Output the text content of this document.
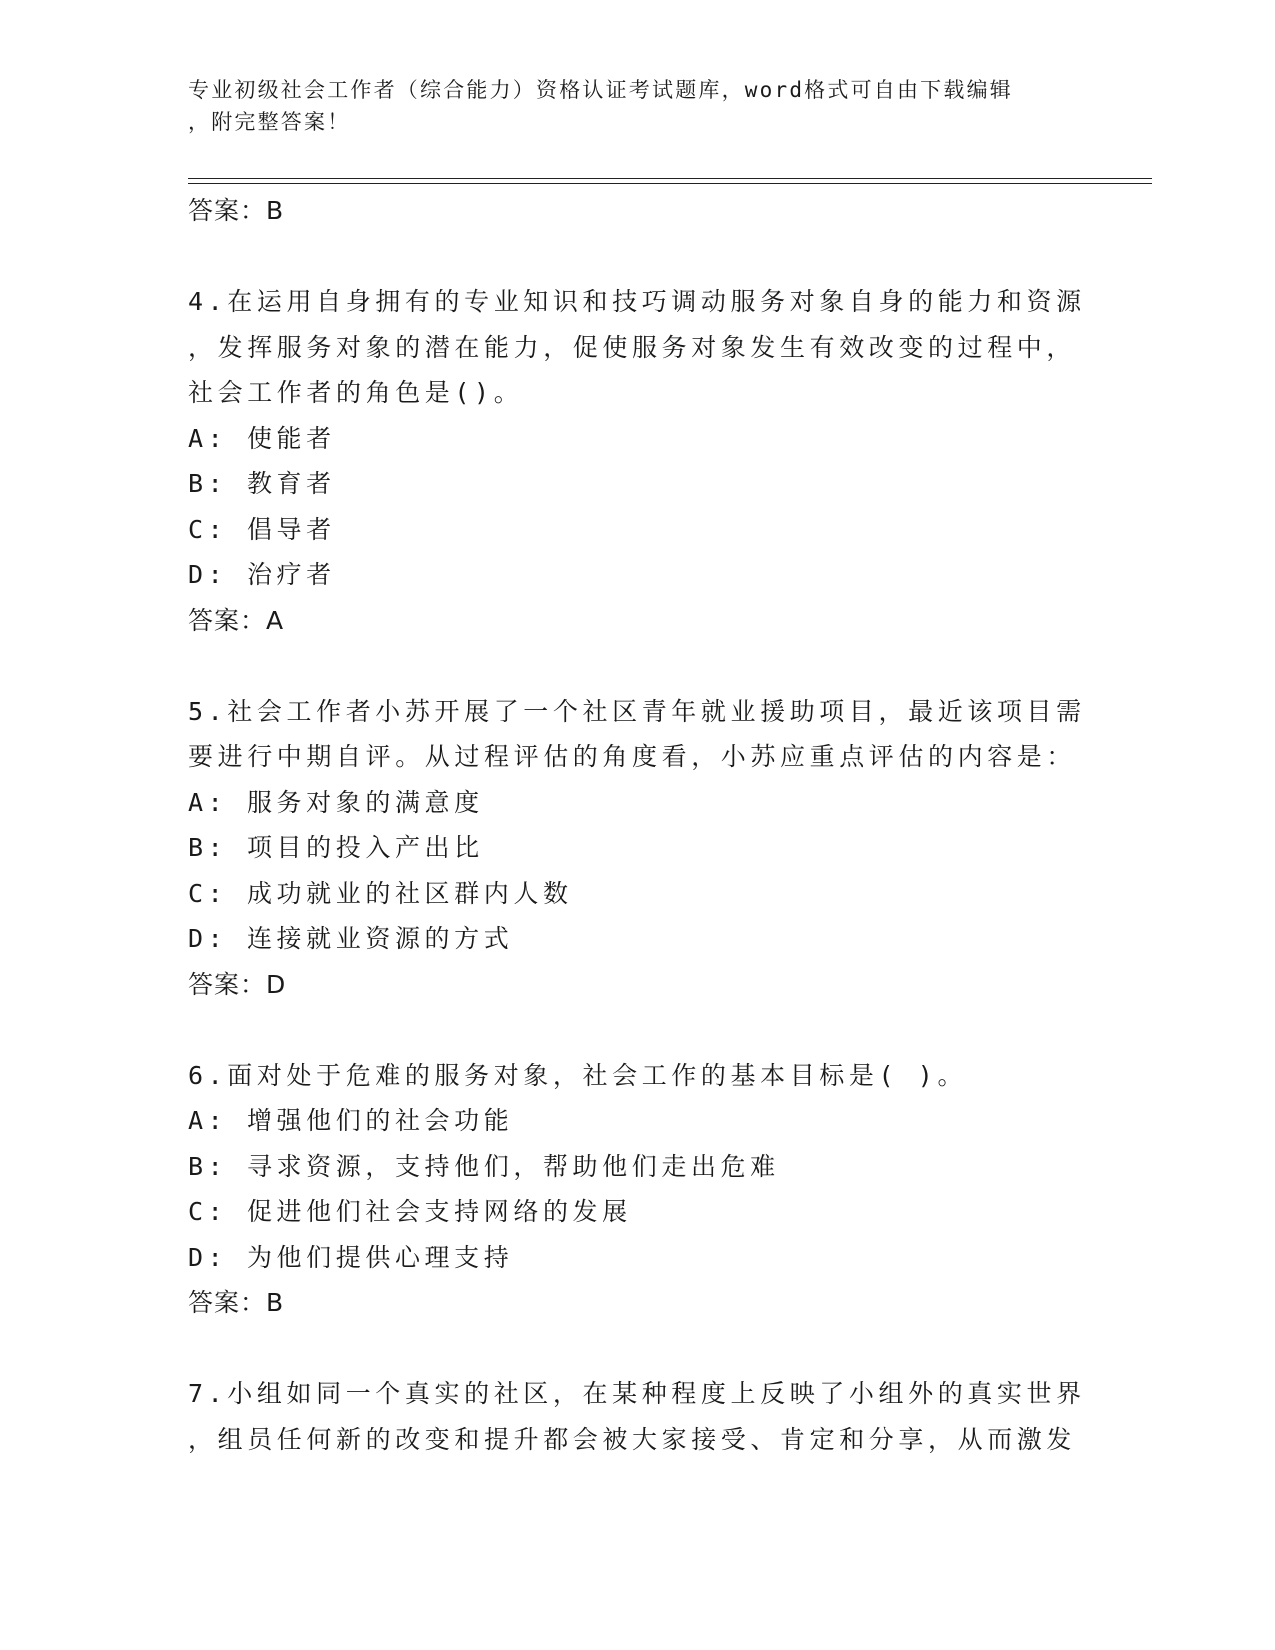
专业初级社会工作者（综合能力）资格认证考试题库，word格式可自由下载编辑
，附完整答案！
答案：B
4.在运用自身拥有的专业知识和技巧调动服务对象自身的能力和资源
，发挥服务对象的潜在能力，促使服务对象发生有效改变的过程中，
社会工作者的角色是()。
A: 使能者
B: 教育者
C: 倡导者
D: 治疗者
答案：A
5.社会工作者小苏开展了一个社区青年就业援助项目，最近该项目需
要进行中期自评。从过程评估的角度看，小苏应重点评估的内容是：
A: 服务对象的满意度
B: 项目的投入产出比
C: 成功就业的社区群内人数
D: 连接就业资源的方式
答案：D
6.面对处于危难的服务对象，社会工作的基本目标是( )。
A: 增强他们的社会功能
B: 寻求资源，支持他们，帮助他们走出危难
C: 促进他们社会支持网络的发展
D: 为他们提供心理支持
答案：B
7.小组如同一个真实的社区，在某种程度上反映了小组外的真实世界
，组员任何新的改变和提升都会被大家接受、肯定和分享，从而激发
